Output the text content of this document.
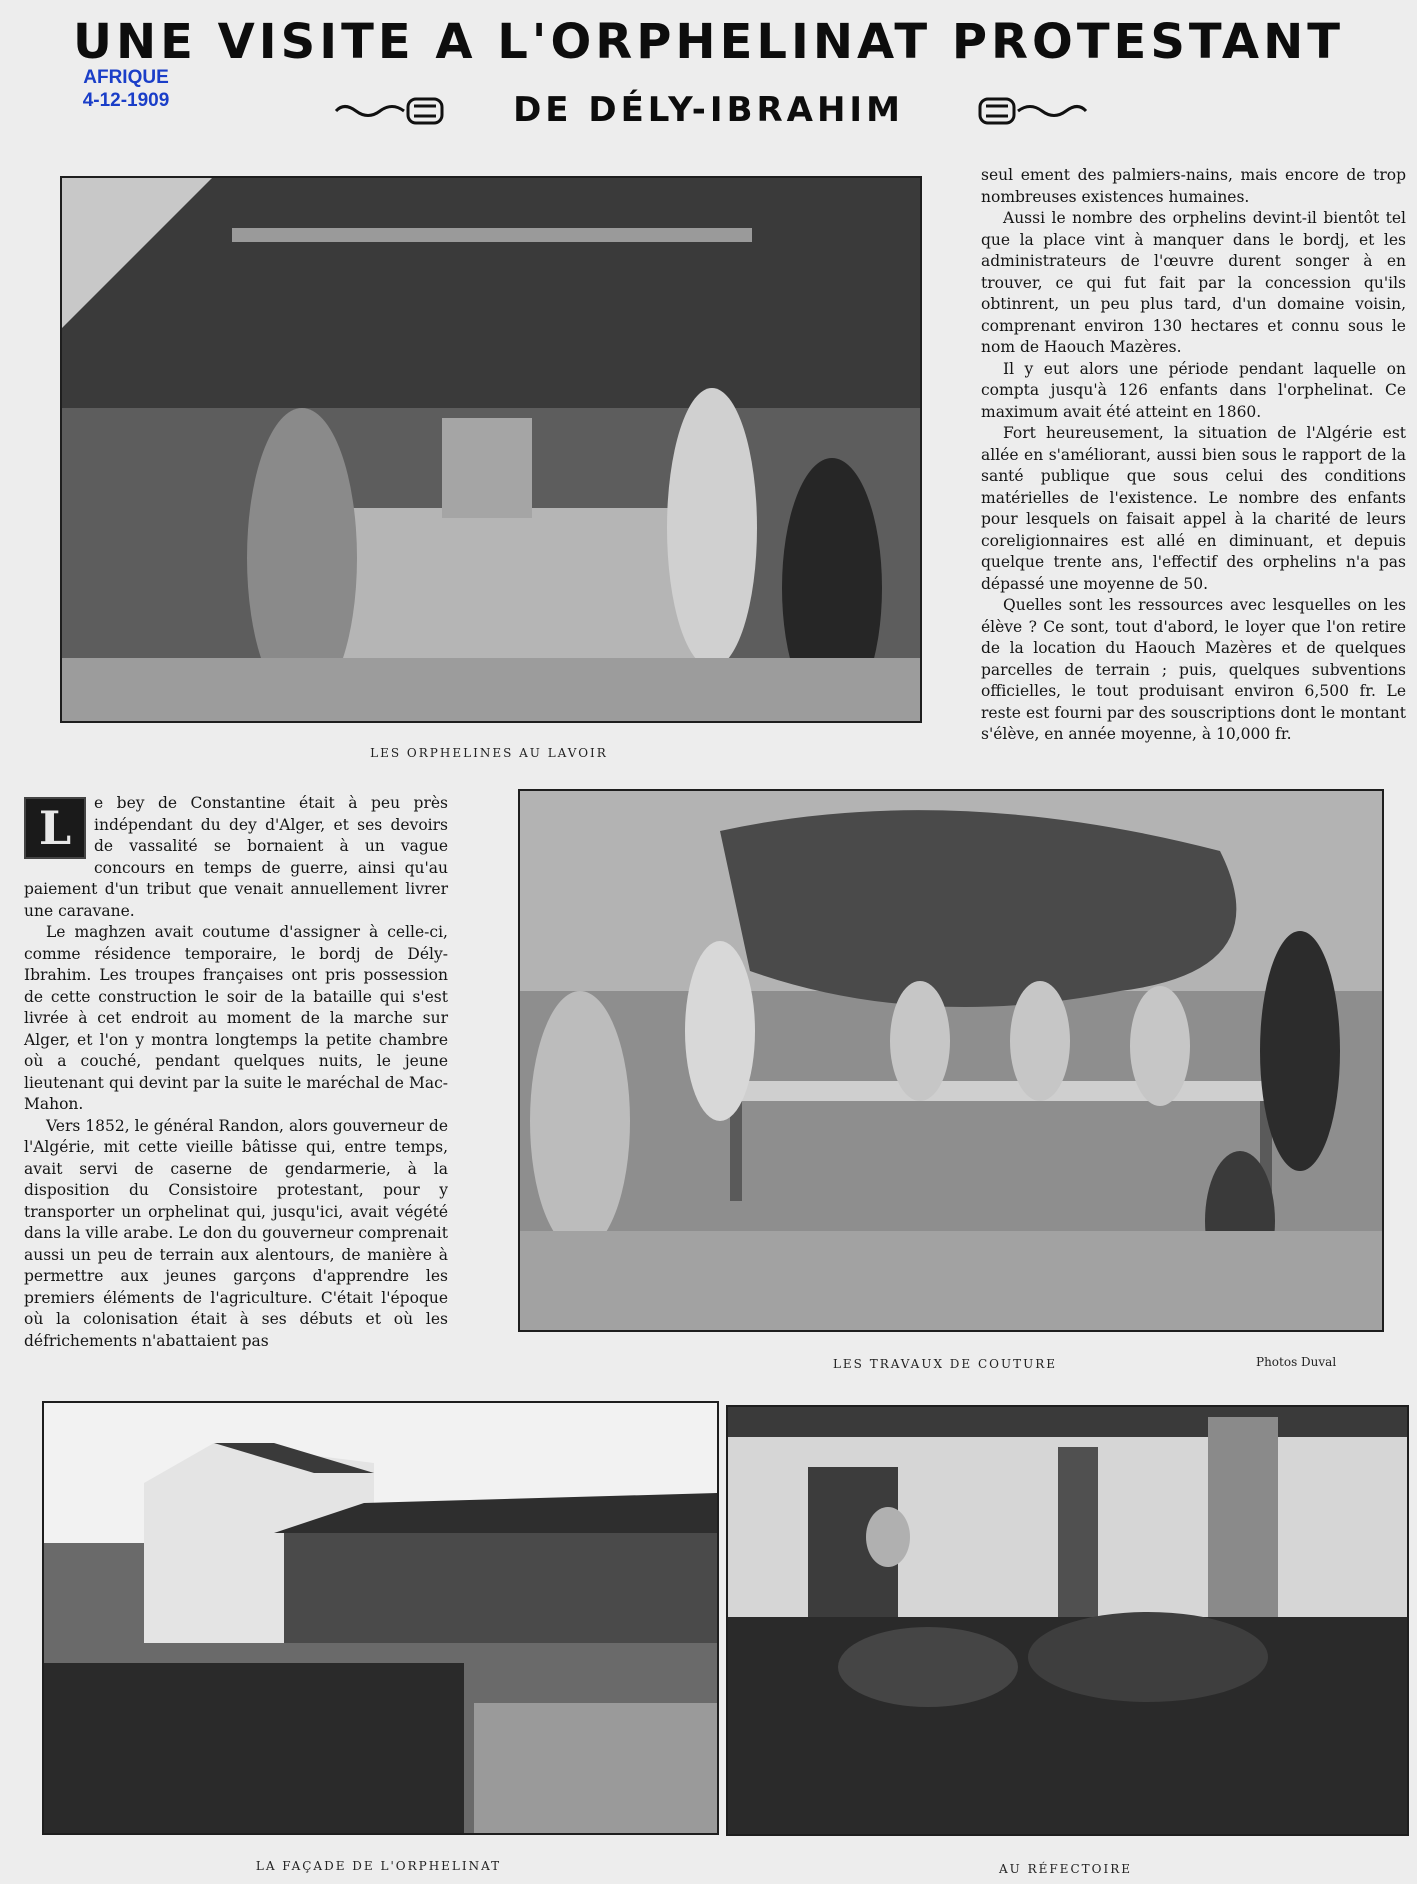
UNE VISITE A L'ORPHELINAT PROTESTANT
AFRIQUE
4-12-1909	DE DÉLY-IBRAHIM
LES ORPHELINES AU LAVOIR

seul ement des palmiers-nains, mais encore de trop nombreuses existences humaines.

Aussi le nombre des orphelins devint-il bientôt tel que la place vint à manquer dans le bordj, et les administrateurs de l'œuvre durent songer à en trouver, ce qui fut fait par la concession qu'ils obtinrent, un peu plus tard, d'un domaine voisin, comprenant environ 130 hectares et connu sous le nom de Haouch Mazères.

Il y eut alors une période pendant laquelle on compta jusqu'à 126 enfants dans l'orphelinat. Ce maximum avait été atteint en 1860.

Fort heureusement, la situation de l'Algérie est allée en s'améliorant, aussi bien sous le rapport de la santé publique que sous celui des conditions matérielles de l'existence. Le nombre des enfants pour lesquels on faisait appel à la charité de leurs coreligionnaires est allé en diminuant, et depuis quelque trente ans, l'effectif des orphelins n'a pas dépassé une moyenne de 50.

Quelles sont les ressources avec lesquelles on les élève ? Ce sont, tout d'abord, le loyer que l'on retire de la location du Haouch Mazères et de quelques parcelles de terrain ; puis, quelques subventions officielles, le tout produisant environ 6,500 fr. Le reste est fourni par des souscriptions dont le montant s'élève, en année moyenne, à 10,000 fr.

L	e bey de Constantine était à peu près indépendant du dey d'Alger, et ses devoirs de vassalité se bornaient à un vague concours en temps de guerre, ainsi qu'au paiement d'un tribut que venait annuellement livrer une caravane.

Le maghzen avait coutume d'assigner à celle-ci, comme résidence temporaire, le bordj de Dély-Ibrahim. Les troupes françaises ont pris possession de cette construction le soir de la bataille qui s'est livrée à cet endroit au moment de la marche sur Alger, et l'on y montra longtemps la petite chambre où a couché, pendant quelques nuits, le jeune lieutenant qui devint par la suite le maréchal de Mac-Mahon.

Vers 1852, le général Randon, alors gouverneur de l'Algérie, mit cette vieille bâtisse qui, entre temps, avait servi de caserne de gendarmerie, à la disposition du Consistoire protestant, pour y transporter un orphelinat qui, jusqu'ici, avait végété dans la ville arabe. Le don du gouverneur comprenait aussi un peu de terrain aux alentours, de manière à permettre aux jeunes garçons d'apprendre les premiers éléments de l'agriculture. C'était l'époque où la colonisation était à ses débuts et où les défrichements n'abattaient pas

LES TRAVAUX DE COUTURE	Photos Duval
LA FAÇADE DE L'ORPHELINAT	AU RÉFECTOIRE
